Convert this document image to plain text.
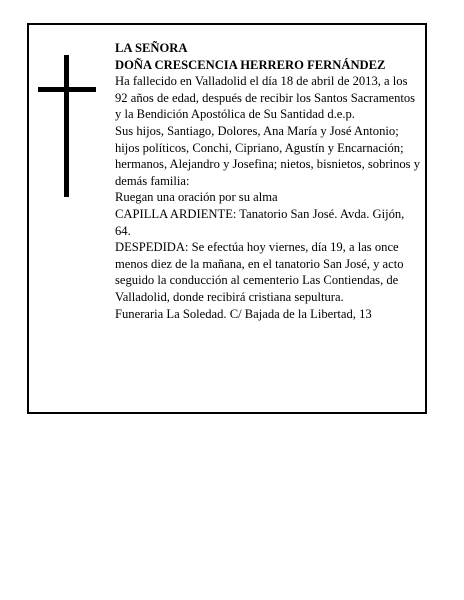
LA SEÑORA

DOÑA CRESCENCIA HERRERO FERNÁNDEZ

Ha fallecido en Valladolid el día 18 de abril de 2013, a los 92 años de edad, después de recibir los Santos Sacramentos y la Bendición Apostólica de Su Santidad d.e.p.

Sus hijos, Santiago, Dolores, Ana María y José Antonio; hijos políticos, Conchi, Cipriano, Agustín y Encarnación; hermanos, Alejandro y Josefina; nietos, bisnietos, sobrinos y demás familia:

Ruegan una oración por su alma

CAPILLA ARDIENTE: Tanatorio San José. Avda. Gijón, 64.

DESPEDIDA: Se efectúa hoy viernes, día 19, a las once menos diez de la mañana, en el tanatorio San José, y acto seguido la conducción al cementerio Las Contiendas, de Valladolid, donde recibirá cristiana sepultura.

Funeraria La Soledad. C/ Bajada de la Libertad, 13
